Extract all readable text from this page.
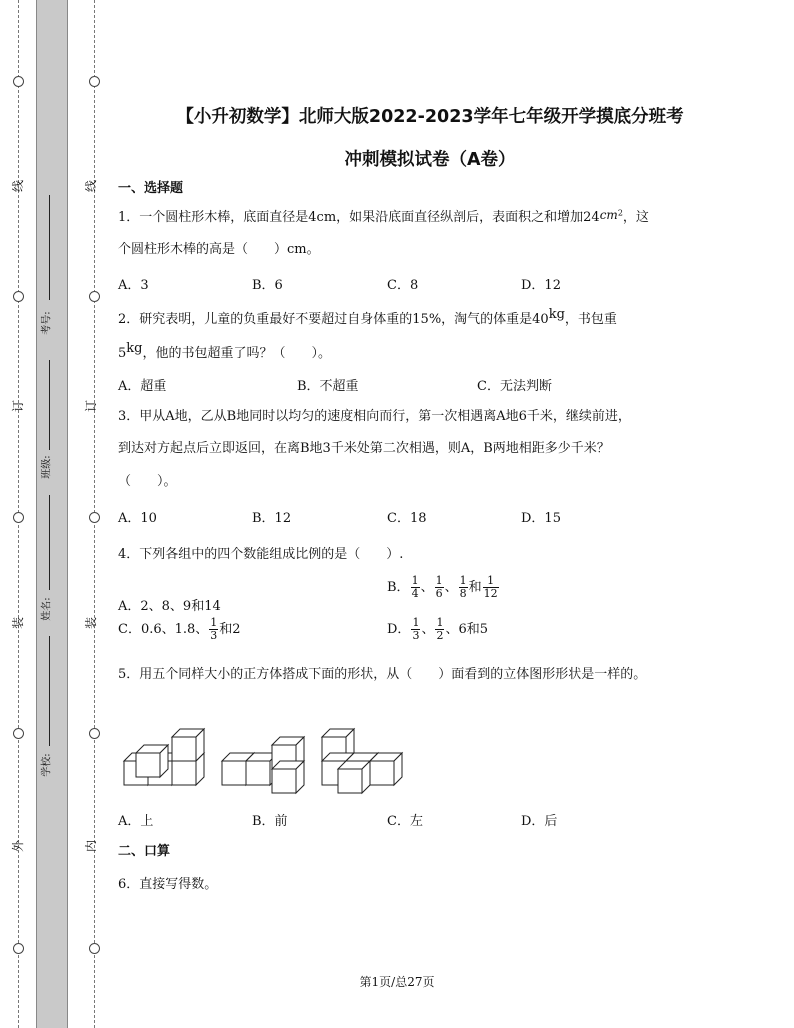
线
订
装
外
线
订
装
内
考号:
班级:
姓名:
学校:
【小升初数学】北师大版2022-2023学年七年级开学摸底分班考
冲刺模拟试卷（A卷）
一、选择题
1．一个圆柱形木棒，底面直径是4cm，如果沿底面直径纵剖后，表面积之和增加$24cm^2$，这
个圆柱形木棒的高是（　　）cm。
A．3	B．6	C．8	D．12
2．研究表明，儿童的负重最好不要超过自身体重的15%，淘气的体重是40kg，书包重
5kg，他的书包超重了吗？（　　）。
A．超重	B．不超重	C．无法判断
3．甲从A地，乙从B地同时以均匀的速度相向而行，第一次相遇离A地6千米，继续前进，
到达对方起点后立即返回，在离B地3千米处第二次相遇，则A，B两地相距多少千米？
（　　）。
A．10	B．12	C．18	D．15
4．下列各组中的四个数能组成比例的是（　　）.
A．2、8、9和14
B． $\frac{1}{4}$ 、 $\frac{1}{6}$ 、 $\frac{1}{8}$ 和 $\frac{1}{12}$
C．0.6、1.8、 $\frac{1}{3}$ 和2	D． $\frac{1}{3}$ 、 $\frac{1}{2}$ 、6和5
5．用五个同样大小的正方体搭成下面的形状，从（　　）面看到的立体图形形状是一样的。
A．上	B．前	C．左	D．后
二、口算
6．直接写得数。
第1页/总27页
